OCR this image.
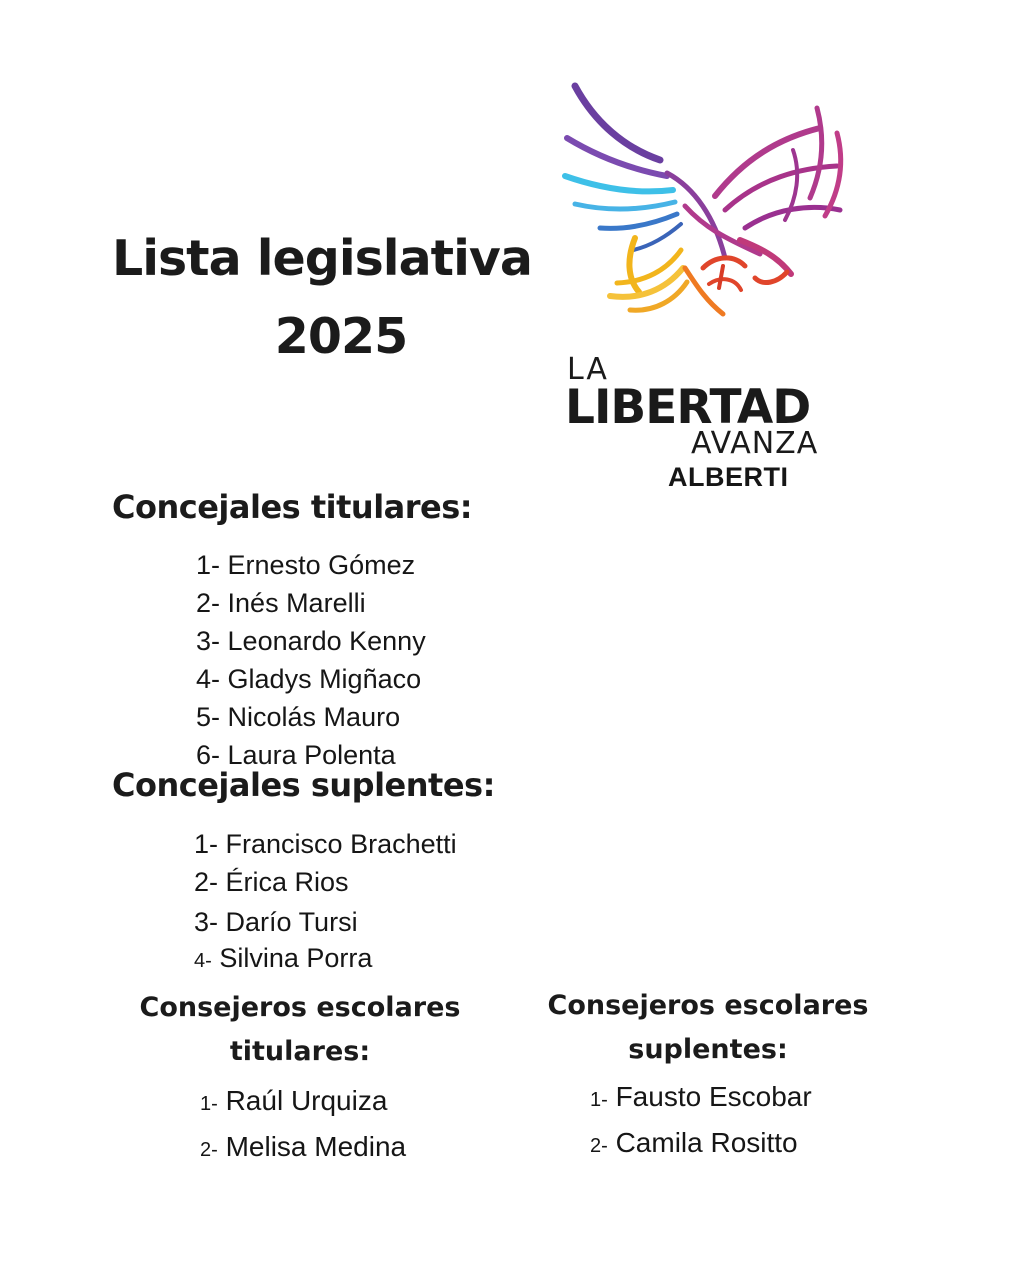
Lista legislativa
2025
LA
LIBERTAD
AVANZA
ALBERTI
Concejales titulares:
1- Ernesto Gómez
2- Inés Marelli
3- Leonardo Kenny
4- Gladys Migñaco
5- Nicolás Mauro
6- Laura Polenta
Concejales suplentes:
1- Francisco Brachetti
2- Érica Rios
3- Darío Tursi
4- Silvina Porra
Consejeros escolares
titulares:
1- Raúl Urquiza
2- Melisa Medina
Consejeros escolares
suplentes:
1- Fausto Escobar
2- Camila Rositto
